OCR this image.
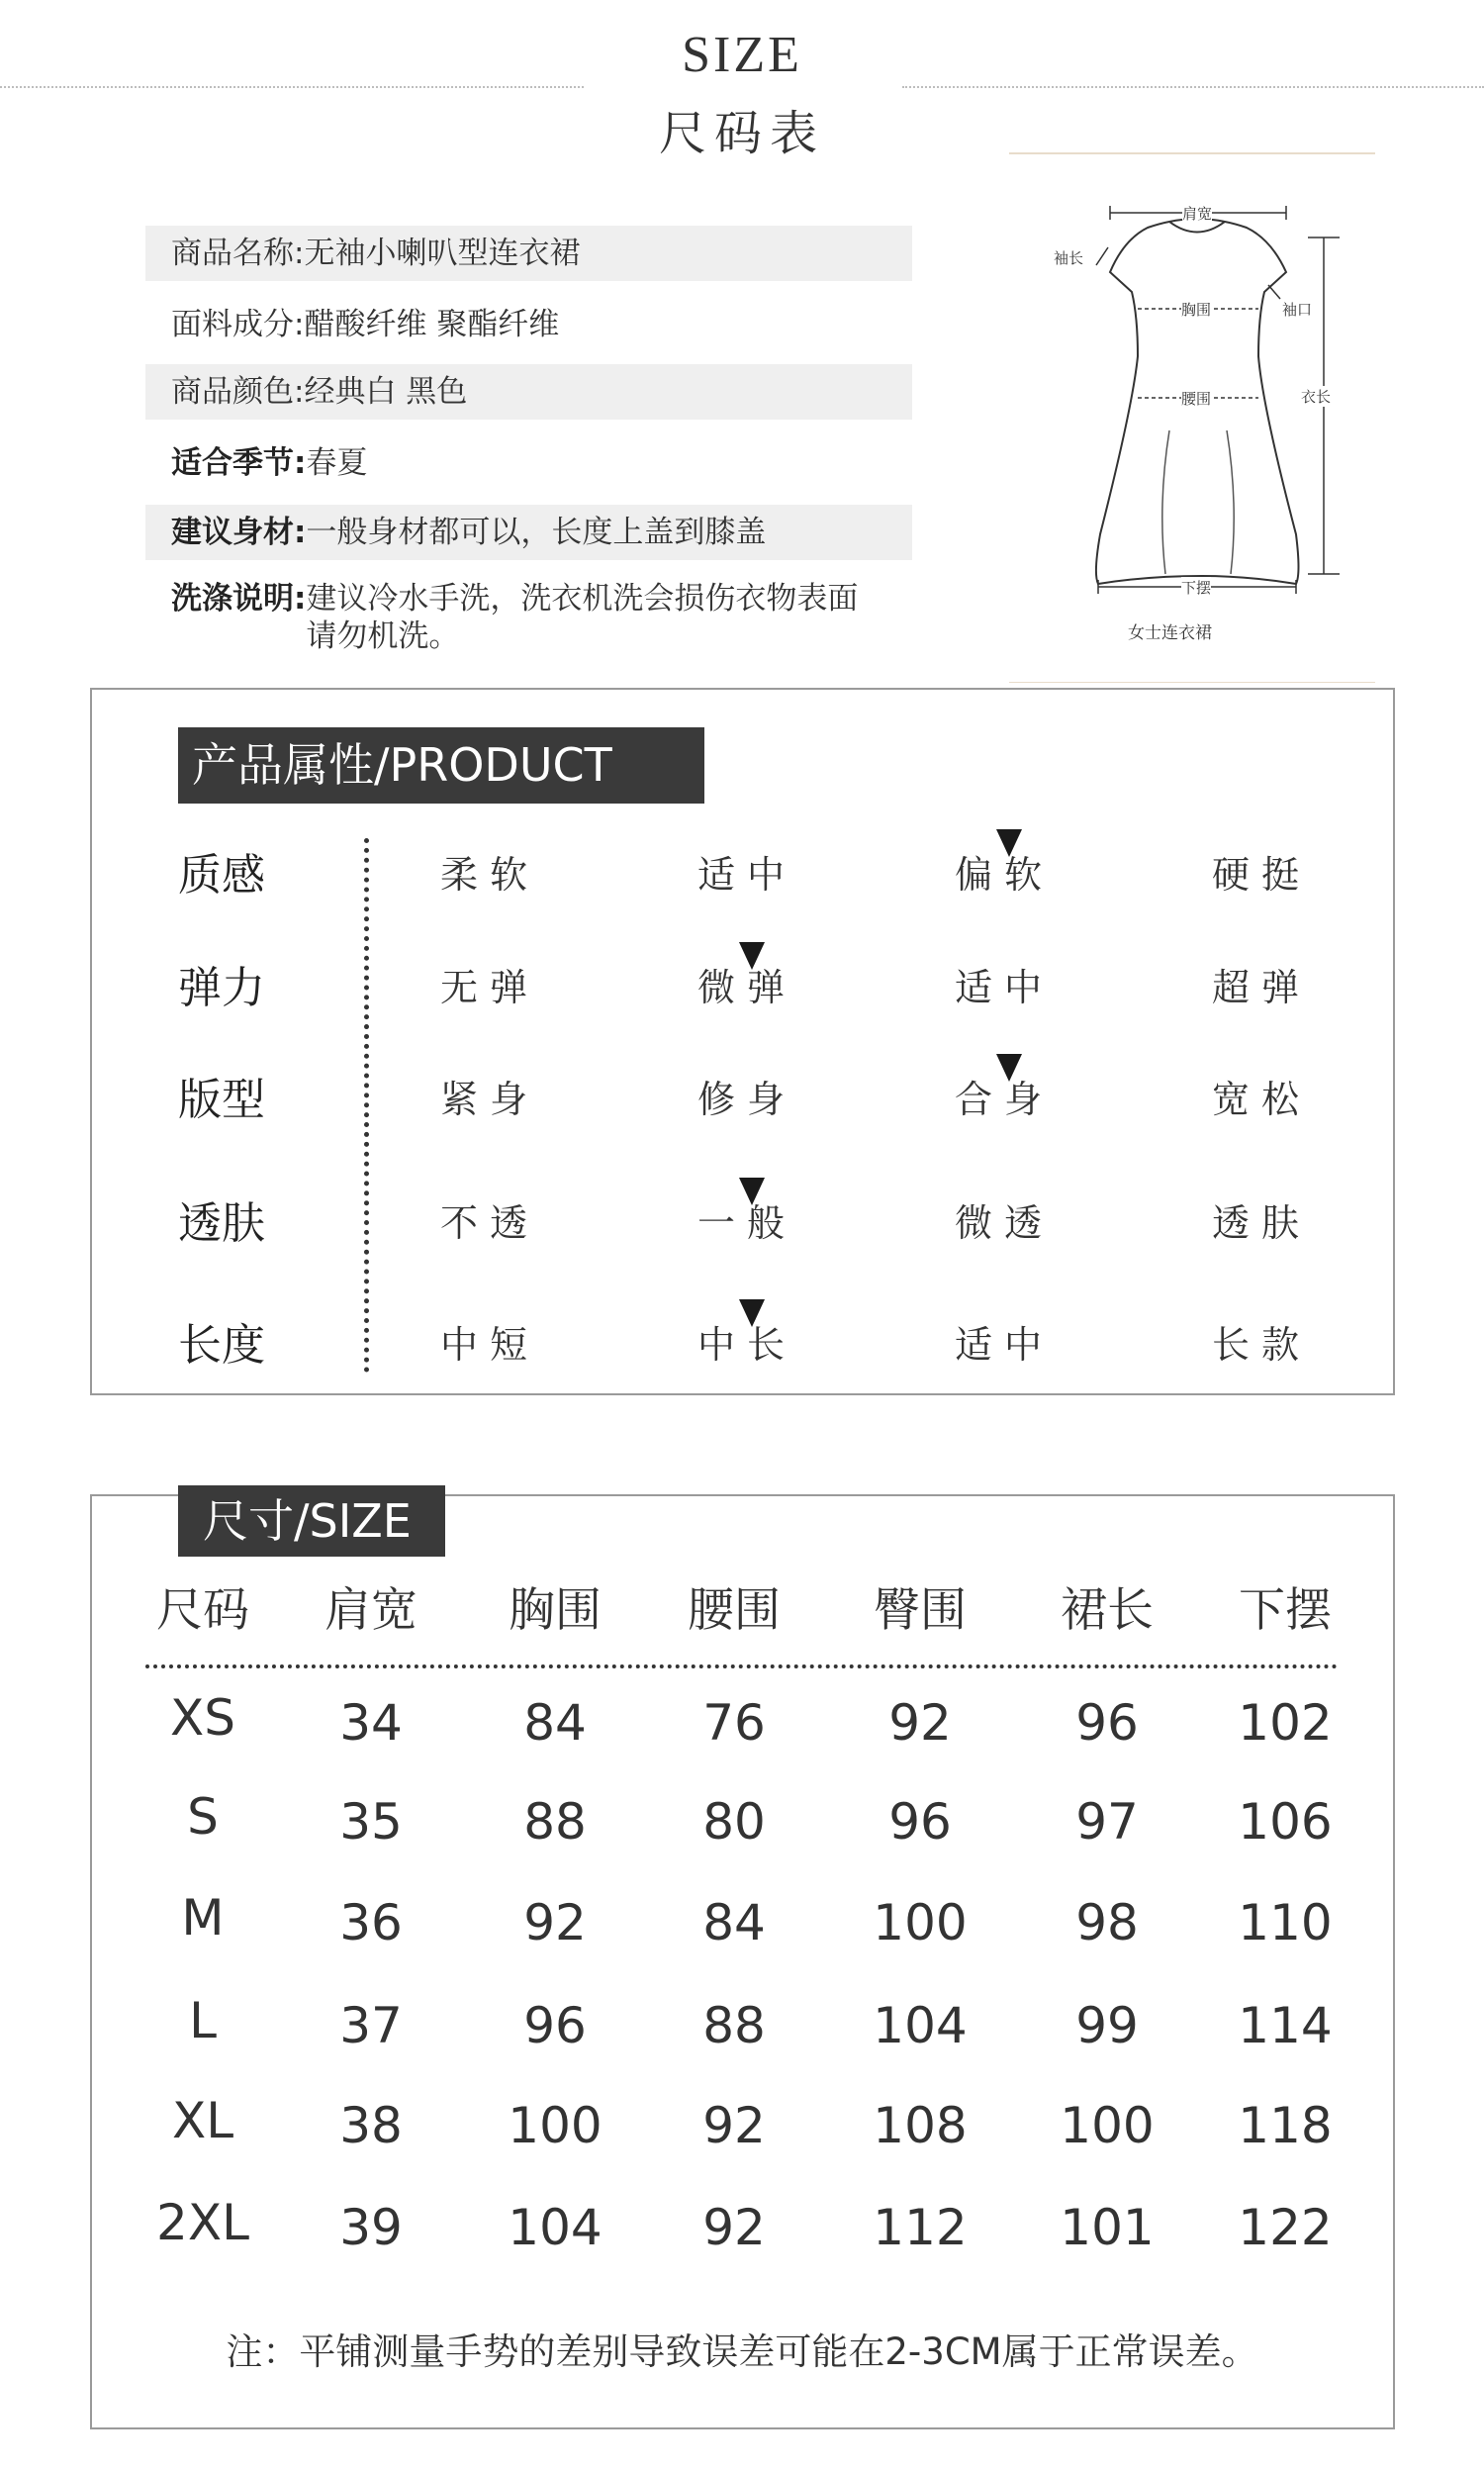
SIZE
尺码表
商品名称:无袖小喇叭型连衣裙
面料成分:醋酸纤维 聚酯纤维
商品颜色:经典白 黑色
适合季节:春夏
建议身材:一般身材都可以，长度上盖到膝盖
洗涤说明: 建议冷水手洗，洗衣机洗会损伤衣物表面
请勿机洗。
肩宽
袖长
胸围	袖口
腰围	衣长
下摆
女士连衣裙
产品属性/PRODUCT
质感	柔软	适中	偏软	硬挺
弹力	无弹	微弹	适中	超弹
版型	紧身	修身	合身	宽松
透肤	不透	一般	微透	透肤
长度	中短	中长	适中	长款
尺寸/SIZE
尺码	肩宽	胸围	腰围	臀围	裙长	下摆
XS	34	84	76	92	96	102
S	35	88	80	96	97	106
M	36	92	84	100	98	110
L	37	96	88	104	99	114
XL	38	100	92	108	100	118
2XL	39	104	92	112	101	122
注：平铺测量手势的差别导致误差可能在2-3CM属于正常误差。
